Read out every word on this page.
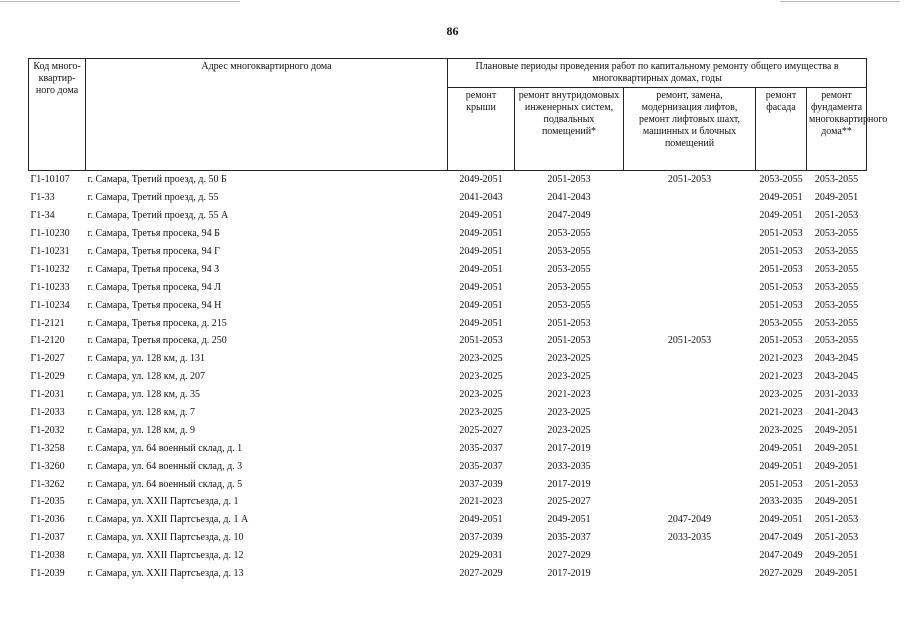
86
Код много-квартир-ного дома	Адрес многоквартирного дома	Плановые периоды проведения работ по капитальному ремонту общего имущества в многоквартирных домах, годы				
		ремонт крыши	ремонт внутридомовых инженерных систем, подвальных помещений*	ремонт, замена, модернизация лифтов, ремонт лифтовых шахт, машинных и блочных помещений	ремонт фасада	ремонт фундамента многоквартирного дома**
Г1-10107	г. Самара, Третий проезд, д. 50 Б	2049-2051	2051-2053	2051-2053	2053-2055	2053-2055
Г1-33	г. Самара, Третий проезд, д. 55	2041-2043	2041-2043		2049-2051	2049-2051
Г1-34	г. Самара, Третий проезд, д. 55 А	2049-2051	2047-2049		2049-2051	2051-2053
Г1-10230	г. Самара, Третья просека, 94 Б	2049-2051	2053-2055		2051-2053	2053-2055
Г1-10231	г. Самара, Третья просека, 94 Г	2049-2051	2053-2055		2051-2053	2053-2055
Г1-10232	г. Самара, Третья просека, 94 З	2049-2051	2053-2055		2051-2053	2053-2055
Г1-10233	г. Самара, Третья просека, 94 Л	2049-2051	2053-2055		2051-2053	2053-2055
Г1-10234	г. Самара, Третья просека, 94 Н	2049-2051	2053-2055		2051-2053	2053-2055
Г1-2121	г. Самара, Третья просека, д. 215	2049-2051	2051-2053		2053-2055	2053-2055
Г1-2120	г. Самара, Третья просека, д. 250	2051-2053	2051-2053	2051-2053	2051-2053	2053-2055
Г1-2027	г. Самара, ул. 128 км, д. 131	2023-2025	2023-2025		2021-2023	2043-2045
Г1-2029	г. Самара, ул. 128 км, д. 207	2023-2025	2023-2025		2021-2023	2043-2045
Г1-2031	г. Самара, ул. 128 км, д. 35	2023-2025	2021-2023		2023-2025	2031-2033
Г1-2033	г. Самара, ул. 128 км, д. 7	2023-2025	2023-2025		2021-2023	2041-2043
Г1-2032	г. Самара, ул. 128 км, д. 9	2025-2027	2023-2025		2023-2025	2049-2051
Г1-3258	г. Самара, ул. 64 военный склад, д. 1	2035-2037	2017-2019		2049-2051	2049-2051
Г1-3260	г. Самара, ул. 64 военный склад, д. 3	2035-2037	2033-2035		2049-2051	2049-2051
Г1-3262	г. Самара, ул. 64 военный склад, д. 5	2037-2039	2017-2019		2051-2053	2051-2053
Г1-2035	г. Самара, ул. XXII Партсъезда, д. 1	2021-2023	2025-2027		2033-2035	2049-2051
Г1-2036	г. Самара, ул. XXII Партсъезда, д. 1 А	2049-2051	2049-2051	2047-2049	2049-2051	2051-2053
Г1-2037	г. Самара, ул. XXII Партсъезда, д. 10	2037-2039	2035-2037	2033-2035	2047-2049	2051-2053
Г1-2038	г. Самара, ул. XXII Партсъезда, д. 12	2029-2031	2027-2029		2047-2049	2049-2051
Г1-2039	г. Самара, ул. XXII Партсъезда, д. 13	2027-2029	2017-2019		2027-2029	2049-2051
